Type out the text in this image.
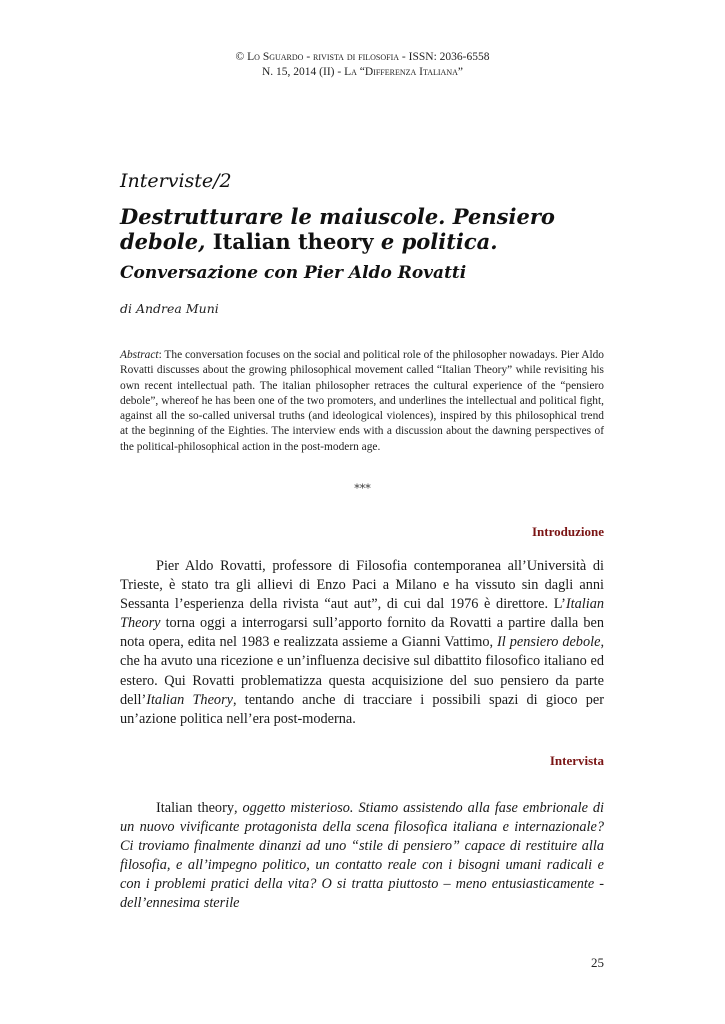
© Lo Sguardo - rivista di filosofia - ISSN: 2036-6558
N. 15, 2014 (II) - La “Differenza Italiana”
Interviste/2
Destrutturare le maiuscole. Pensiero debole, Italian theory e politica.
Conversazione con Pier Aldo Rovatti
di Andrea Muni
Abstract: The conversation focuses on the social and political role of the philosopher nowadays. Pier Aldo Rovatti discusses about the growing philosophical movement called “Italian Theory” while revisiting his own recent intellectual path. The italian philosopher retraces the cultural experience of the “pensiero debole”, whereof he has been one of the two promoters, and underlines the intellectual and political fight, against all the so-called universal truths (and ideological violences), inspired by this philosophical trend at the beginning of the Eighties. The interview ends with a discussion about the dawning perspectives of the political-philosophical action in the post-modern age.
***
Introduzione

Pier Aldo Rovatti, professore di Filosofia contemporanea all’Università di Trieste, è stato tra gli allievi di Enzo Paci a Milano e ha vissuto sin dagli anni Sessanta l’esperienza della rivista “aut aut”, di cui dal 1976 è direttore. L’Italian Theory torna oggi a interrogarsi sull’apporto fornito da Rovatti a partire dalla ben nota opera, edita nel 1983 e realizzata assieme a Gianni Vattimo, Il pensiero debole, che ha avuto una ricezione e un’influenza decisive sul dibattito filosofico italiano ed estero. Qui Rovatti problematizza questa acquisizione del suo pensiero da parte dell’Italian Theory, tentando anche di tracciare i possibili spazi di gioco per un’azione politica nell’era post-moderna.

Intervista

Italian theory, oggetto misterioso. Stiamo assistendo alla fase embrionale di un nuovo vivificante protagonista della scena filosofica italiana e internazionale? Ci troviamo finalmente dinanzi ad uno “stile di pensiero” capace di restituire alla filosofia, e all’impegno politico, un contatto reale con i bisogni umani radicali e con i problemi pratici della vita? O si tratta piuttosto – meno entusiasticamente - dell’ennesima sterile

25
